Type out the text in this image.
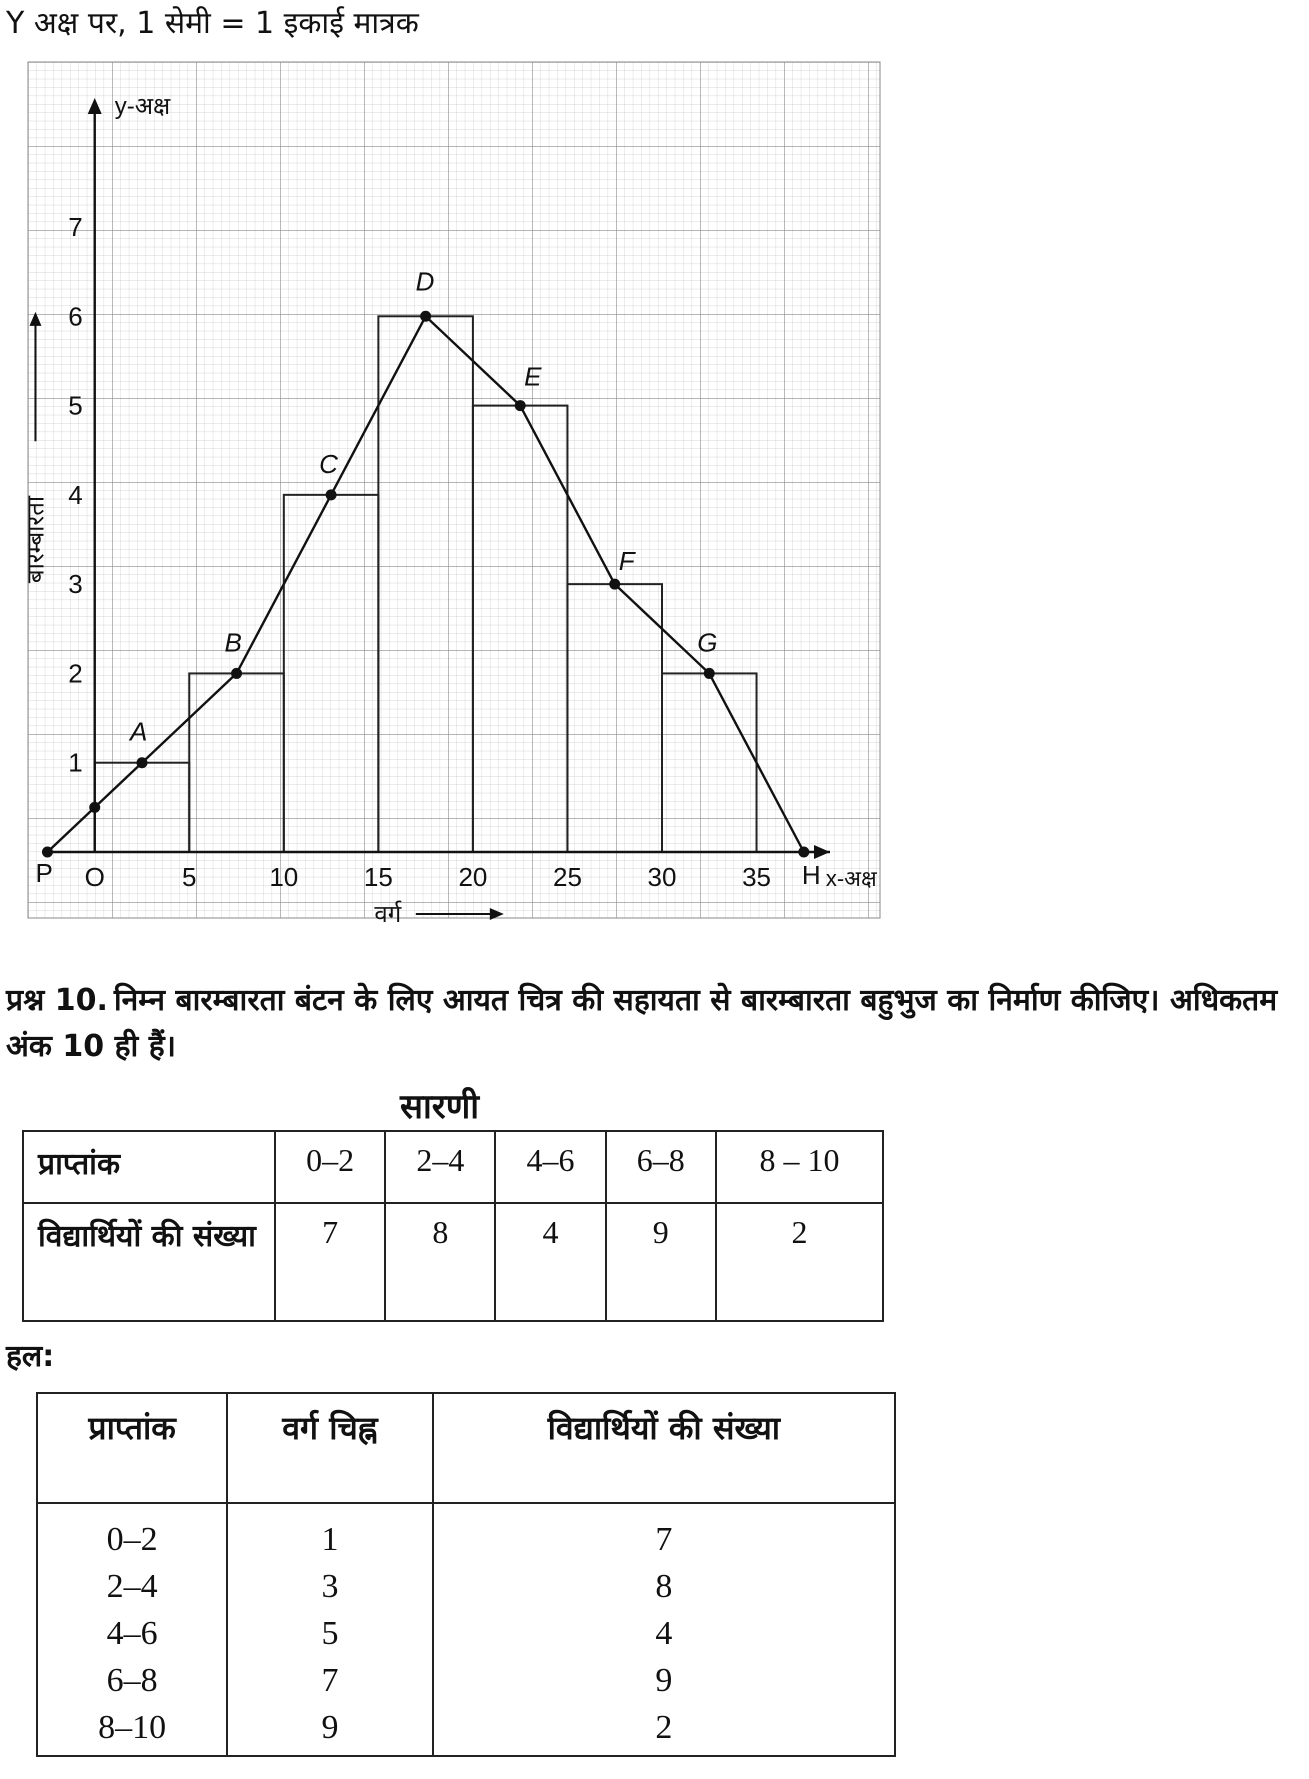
Y अक्ष पर, 1 सेमी = 1 इकाई मात्रक
1
2
3
4
5
6
7
O	5	10	15	20	25	30	35
y-अक्ष
x-अक्ष
वर्ग
बारम्बारता
P
A
B
C
D
E
F
G
H
प्रश्न 10. निम्न बारम्बारता बंटन के लिए आयत चित्र की सहायता से बारम्बारता बहुभुज का निर्माण कीजिए। अधिकतम अंक 10 ही हैं।
सारणी
प्राप्तांक	0–2	2–4	4–6	6–8	8 – 10
विद्यार्थियों की संख्या	7	8	4	9	2
हल:
प्राप्तांक	वर्ग चिह्न	विद्यार्थियों की संख्या
0–2	1	7
2–4	3	8
4–6	5	4
6–8	7	9
8–10	9	2
